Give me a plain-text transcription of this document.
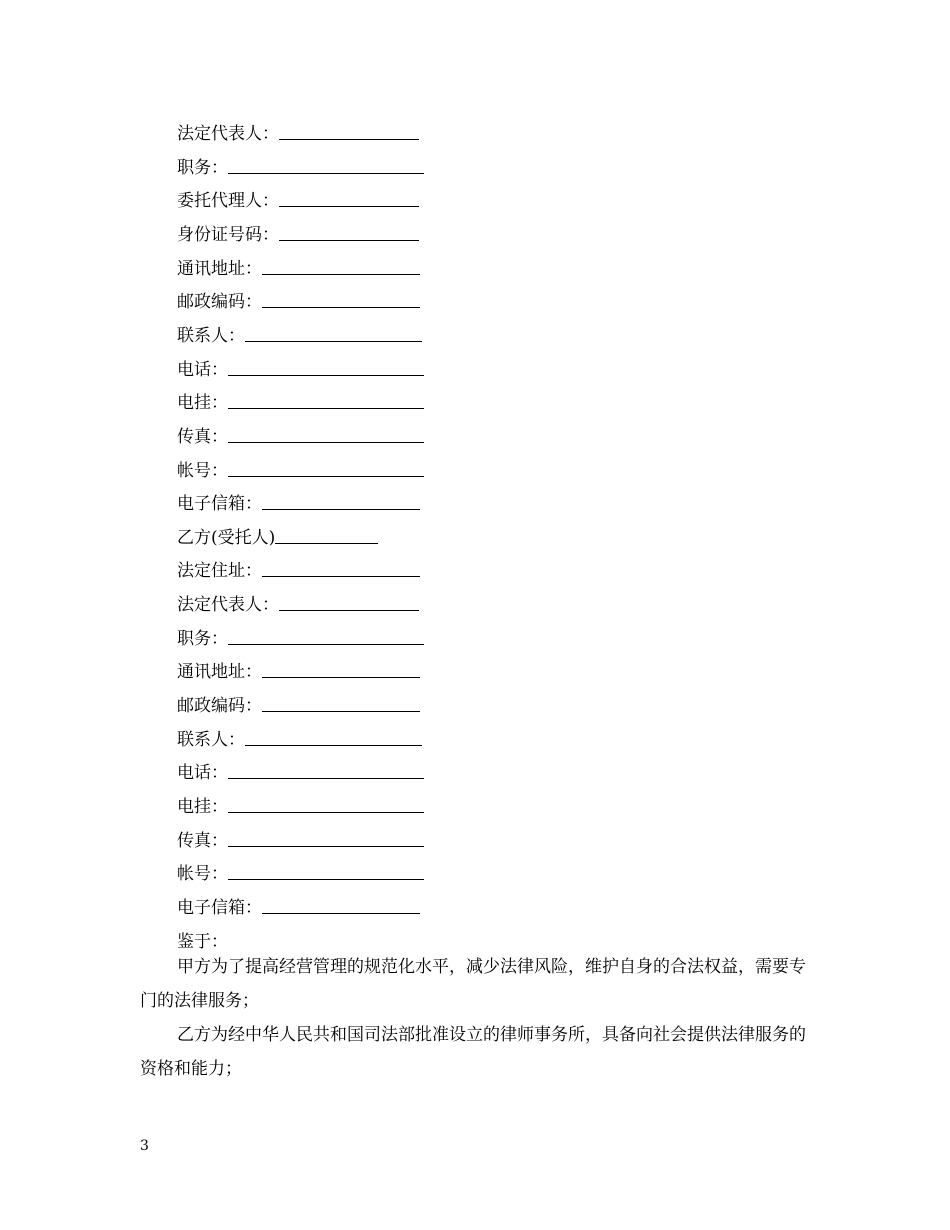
法定代表人：
职务：
委托代理人：
身份证号码：
通讯地址：
邮政编码：
联系人：
电话：
电挂：
传真：
帐号：
电子信箱：
乙方(受托人)
法定住址：
法定代表人：
职务：
通讯地址：
邮政编码：
联系人：
电话：
电挂：
传真：
帐号：
电子信箱：
鉴于：

甲方为了提高经营管理的规范化水平，减少法律风险，维护自身的合法权益，需要专门的法律服务；

乙方为经中华人民共和国司法部批准设立的律师事务所，具备向社会提供法律服务的资格和能力；

3
